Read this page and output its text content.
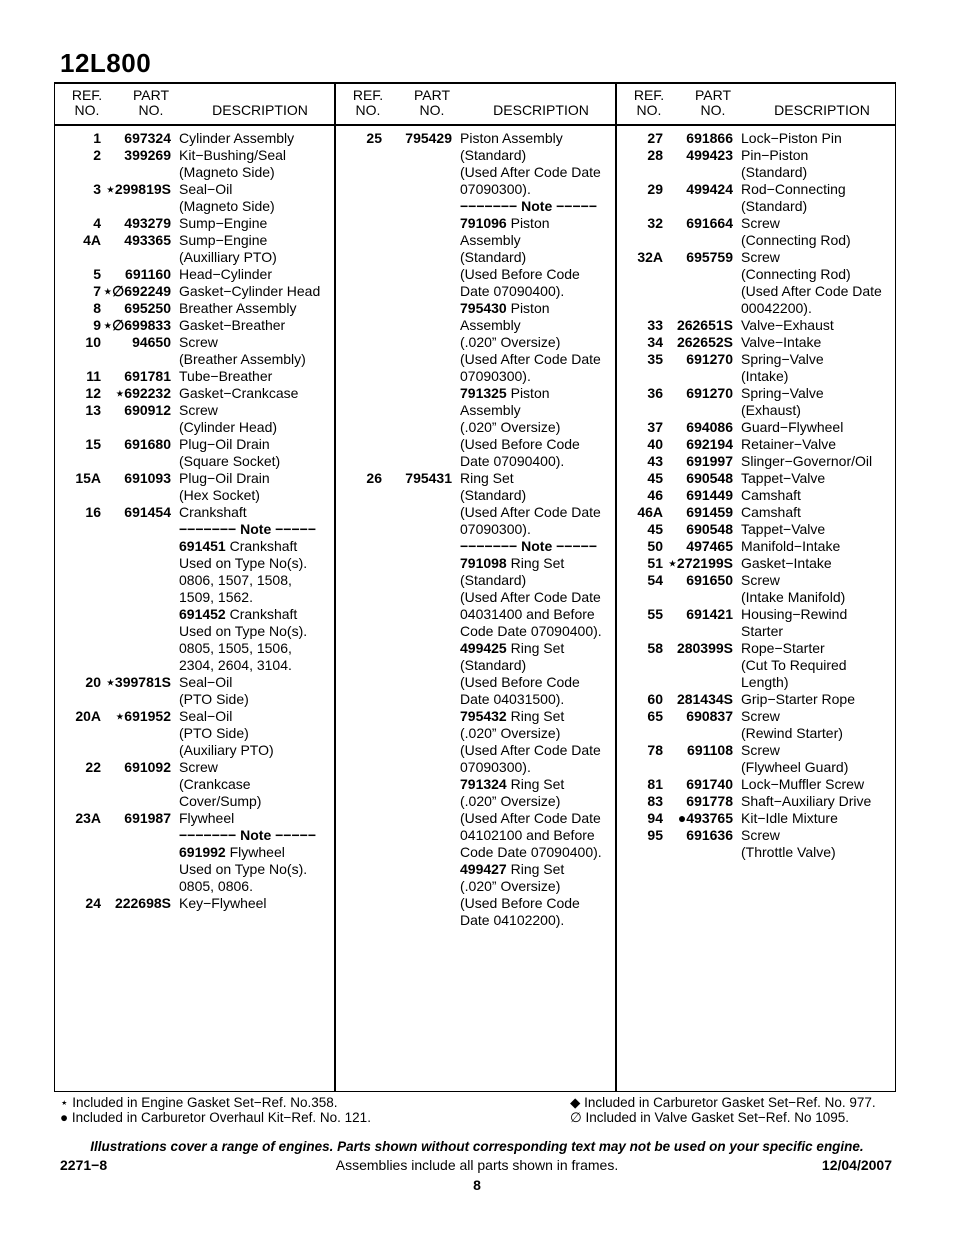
12L800
REF.
NO.
PART
NO.	DESCRIPTION
1	697324 Cylinder Assembly
2	399269 Kit−Bushing/Seal
(Magneto Side)
3 ⋆299819S Seal−Oil
(Magneto Side)
4	493279 Sump−Engine
4A	493365 Sump−Engine
(Auxilliary PTO)
5	691160 Head−Cylinder
7 ⋆∅692249 Gasket−Cylinder Head
8	695250 Breather Assembly
9 ⋆∅699833 Gasket−Breather
10	94650 Screw
(Breather Assembly)
11	691781 Tube−Breather
12	⋆692232 Gasket−Crankcase
13	690912 Screw
(Cylinder Head)
15	691680 Plug−Oil Drain
(Square Socket)
15A	691093 Plug−Oil Drain
(Hex Socket)
16	691454 Crankshaft
−−−−−−− Note −−−−−
691451 Crankshaft
Used on Type No(s).
0806, 1507, 1508,
1509, 1562.
691452 Crankshaft
Used on Type No(s).
0805, 1505, 1506,
2304, 2604, 3104.
20 ⋆399781S Seal−Oil
(PTO Side)
20A	⋆691952 Seal−Oil
(PTO Side)
(Auxiliary PTO)
22	691092 Screw
(Crankcase
Cover/Sump)
23A	691987 Flywheel
−−−−−−− Note −−−−−
691992 Flywheel
Used on Type No(s).
0805, 0806.
24 222698S Key−Flywheel
REF.
NO.
PART
NO.	DESCRIPTION
25	795429 Piston Assembly
(Standard)
(Used After Code Date
07090300).
−−−−−−− Note −−−−−
791096 Piston
Assembly
(Standard)
(Used Before Code
Date 07090400).
795430 Piston
Assembly
(.020” Oversize)
(Used After Code Date
07090300).
791325 Piston
Assembly
(.020” Oversize)
(Used Before Code
Date 07090400).
26	795431 Ring Set
(Standard)
(Used After Code Date
07090300).
−−−−−−− Note −−−−−
791098 Ring Set
(Standard)
(Used After Code Date
04031400 and Before
Code Date 07090400).
499425 Ring Set
(Standard)
(Used Before Code
Date 04031500).
795432 Ring Set
(.020” Oversize)
(Used After Code Date
07090300).
791324 Ring Set
(.020” Oversize)
(Used After Code Date
04102100 and Before
Code Date 07090400).
499427 Ring Set
(.020” Oversize)
(Used Before Code
Date 04102200).
REF.
NO.
PART
NO.	DESCRIPTION
27	691866 Lock−Piston Pin
28	499423 Pin−Piston
(Standard)
29	499424 Rod−Connecting
(Standard)
32	691664 Screw
(Connecting Rod)
32A	695759 Screw
(Connecting Rod)
(Used After Code Date
00042200).
33 262651S Valve−Exhaust
34 262652S Valve−Intake
35	691270 Spring−Valve
(Intake)
36	691270 Spring−Valve
(Exhaust)
37	694086 Guard−Flywheel
40	692194 Retainer−Valve
43	691997 Slinger−Governor/Oil
45	690548 Tappet−Valve
46	691449 Camshaft
46A	691459 Camshaft
45	690548 Tappet−Valve
50	497465 Manifold−Intake
51 ⋆272199S Gasket−Intake
54	691650 Screw
(Intake Manifold)
55	691421 Housing−Rewind
Starter
58 280399S Rope−Starter
(Cut To Required
Length)
60 281434S Grip−Starter Rope
65	690837 Screw
(Rewind Starter)
78	691108 Screw
(Flywheel Guard)
81	691740 Lock−Muffler Screw
83	691778 Shaft−Auxiliary Drive
94	●493765 Kit−Idle Mixture
95	691636 Screw
(Throttle Valve)
⋆ Included in Engine Gasket Set−Ref. No.358.
● Included in Carburetor Overhaul Kit−Ref. No. 121.
◆ Included in Carburetor Gasket Set−Ref. No. 977.
∅ Included in Valve Gasket Set−Ref. No 1095.
Illustrations cover a range of engines. Parts shown without corresponding text may not be used on your specific engine.
Assemblies include all parts shown in frames.
2271−8	12/04/2007
8
